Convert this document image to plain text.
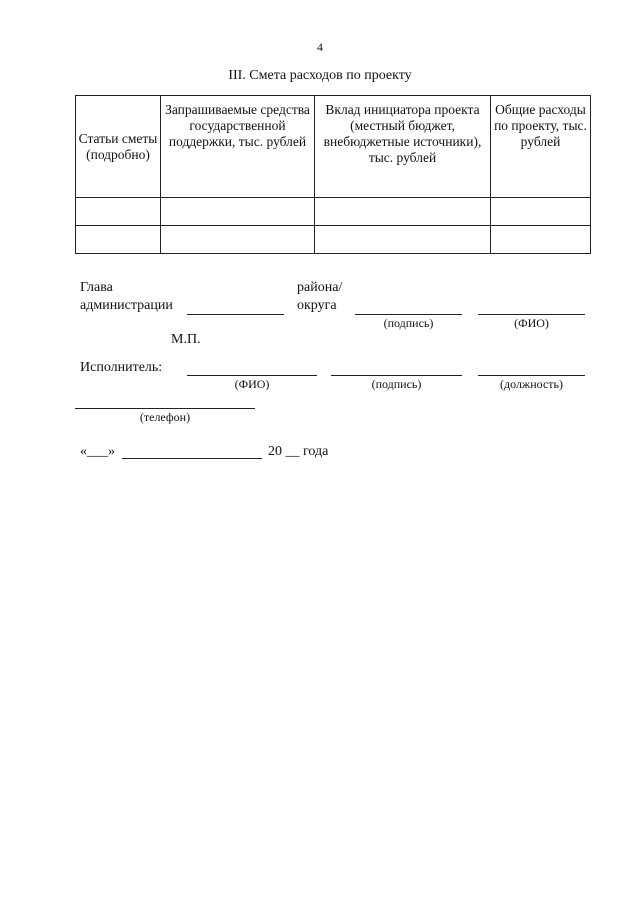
4
III. Смета расходов по проекту
Статьи сметы (подробно)	Запрашиваемые средства государственной поддержки, тыс. рублей	Вклад инициатора проекта (местный бюджет, внебюджетные источники), тыс. рублей	Общие расходы по проекту, тыс. рублей

Глава
администрации
района/
округа
(подпись)	(ФИО)
М.П.
Исполнитель:
(ФИО)	(подпись)	(должность)
(телефон)
«___»	20 __ года
